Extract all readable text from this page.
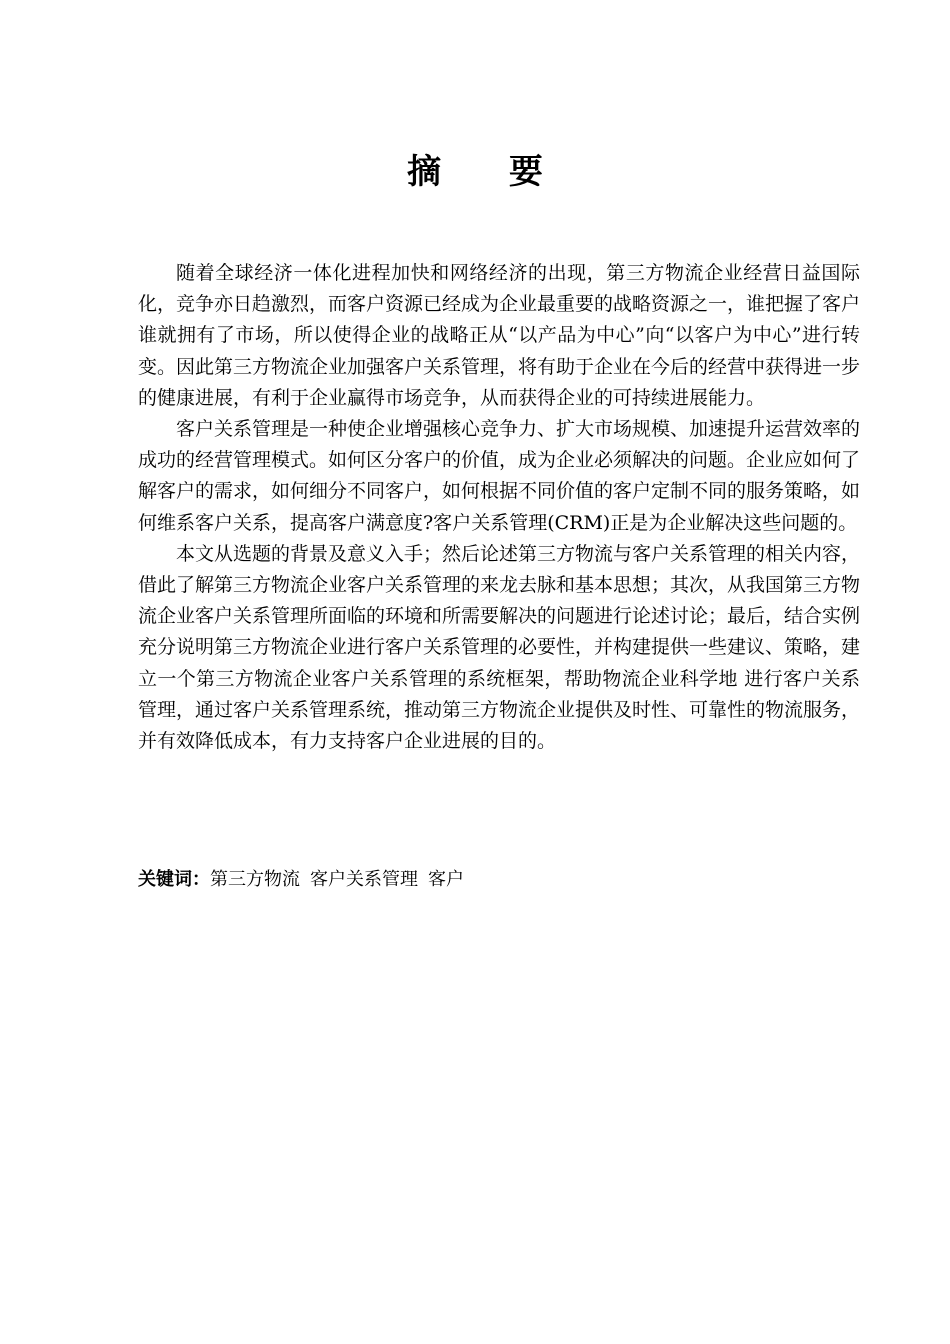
摘 要

随着全球经济一体化进程加快和网络经济的出现，第三方物流企业经营日益国际化，竞争亦日趋激烈，而客户资源已经成为企业最重要的战略资源之一，谁把握了客户谁就拥有了市场，所以使得企业的战略正从“以产品为中心”向“以客户为中心”进行转变。因此第三方物流企业加强客户关系管理，将有助于企业在今后的经营中获得进一步的健康进展，有利于企业赢得市场竞争，从而获得企业的可持续进展能力。

客户关系管理是一种使企业增强核心竞争力、扩大市场规模、加速提升运营效率的成功的经营管理模式。如何区分客户的价值，成为企业必须解决的问题。企业应如何了解客户的需求，如何细分不同客户，如何根据不同价值的客户定制不同的服务策略，如何维系客户关系，提高客户满意度?客户关系管理(CRM)正是为企业解决这些问题的。

本文从选题的背景及意义入手；然后论述第三方物流与客户关系管理的相关内容，借此了解第三方物流企业客户关系管理的来龙去脉和基本思想；其次，从我国第三方物流企业客户关系管理所面临的环境和所需要解决的问题进行论述讨论；最后，结合实例充分说明第三方物流企业进行客户关系管理的必要性，并构建提供一些建议、策略，建立一个第三方物流企业客户关系管理的系统框架，帮助物流企业科学地 进行客户关系管理，通过客户关系管理系统，推动第三方物流企业提供及时性、可靠性的物流服务，并有效降低成本，有力支持客户企业进展的目的。

关键词：第三方物流 客户关系管理 客户
